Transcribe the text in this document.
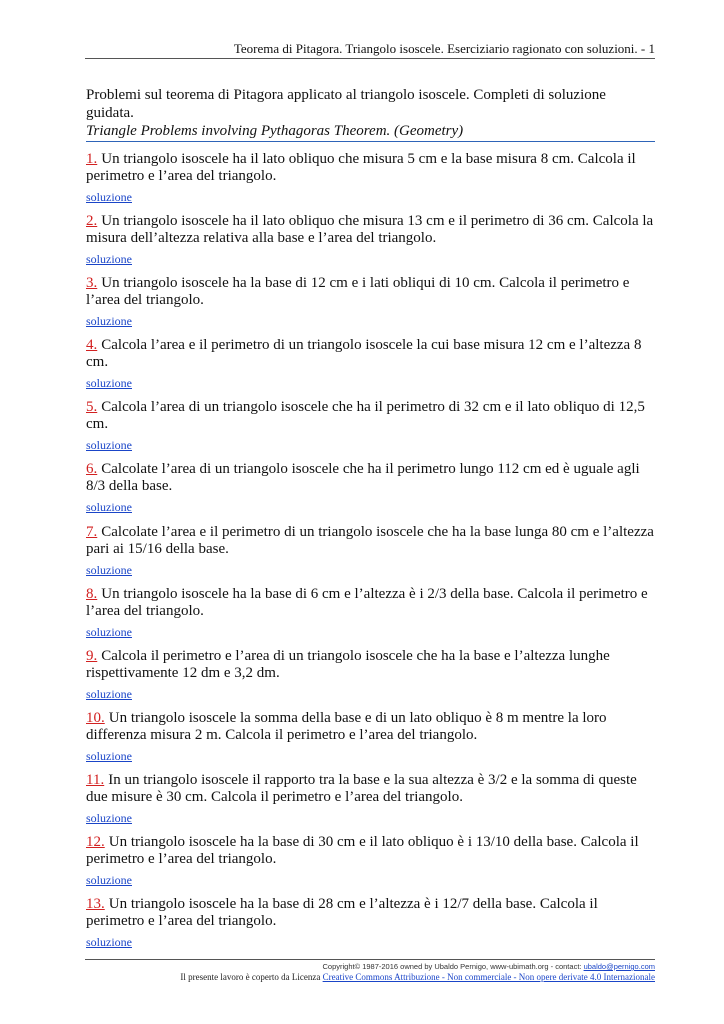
Teorema di Pitagora. Triangolo isoscele. Eserciziario ragionato con soluzioni. - 1
Problemi sul teorema di Pitagora applicato al triangolo isoscele. Completi di soluzione guidata.
Triangle Problems involving Pythagoras Theorem. (Geometry)

1. Un triangolo isoscele ha il lato obliquo che misura 5 cm e la base misura 8 cm. Calcola il perimetro e l’area del triangolo.

soluzione

2. Un triangolo isoscele ha il lato obliquo che misura 13 cm e il perimetro di 36 cm. Calcola la misura dell’altezza relativa alla base e l’area del triangolo.

soluzione

3. Un triangolo isoscele ha la base di 12 cm e i lati obliqui di 10 cm. Calcola il perimetro e l’area del triangolo.

soluzione

4. Calcola l’area e il perimetro di un triangolo isoscele la cui base misura 12 cm e l’altezza 8 cm.

soluzione

5. Calcola l’area di un triangolo isoscele che ha il perimetro di 32 cm e il lato obliquo di 12,5 cm.

soluzione

6. Calcolate l’area di un triangolo isoscele che ha il perimetro lungo 112 cm ed è uguale agli 8/3 della base.

soluzione

7. Calcolate l’area e il perimetro di un triangolo isoscele che ha la base lunga 80 cm e l’altezza pari ai 15/16 della base.

soluzione

8. Un triangolo isoscele ha la base di 6 cm e l’altezza è i 2/3 della base. Calcola il perimetro e l’area del triangolo.

soluzione

9. Calcola il perimetro e l’area di un triangolo isoscele che ha la base e l’altezza lunghe rispettivamente 12 dm e 3,2 dm.

soluzione

10. Un triangolo isoscele la somma della base e di un lato obliquo è 8 m mentre la loro differenza misura 2 m. Calcola il perimetro e l’area del triangolo.

soluzione

11. In un triangolo isoscele il rapporto tra la base e la sua altezza è 3/2 e la somma di queste due misure è 30 cm. Calcola il perimetro e l’area del triangolo.

soluzione

12. Un triangolo isoscele ha la base di 30 cm e il lato obliquo è i 13/10 della base. Calcola il perimetro e l’area del triangolo.

soluzione

13. Un triangolo isoscele ha la base di 28 cm e l’altezza è i 12/7 della base. Calcola il perimetro e l’area del triangolo.

soluzione
Copyright© 1987-2016 owned by Ubaldo Pernigo, www-ubimath.org - contact: ubaldo@pernigo.com
Il presente lavoro è coperto da Licenza Creative Commons Attribuzione - Non commerciale - Non opere derivate 4.0 Internazionale
